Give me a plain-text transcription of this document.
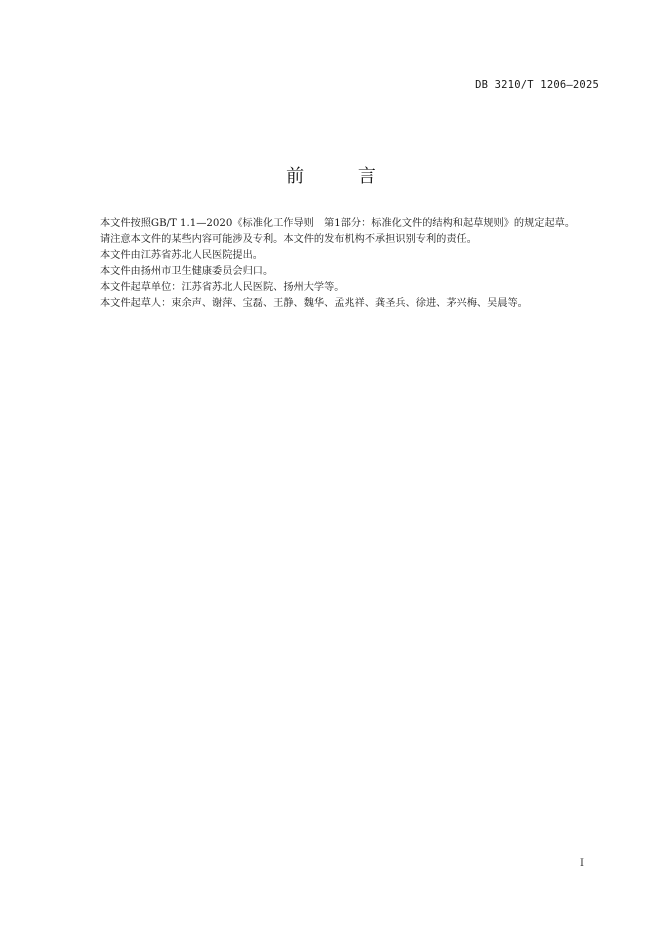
DB 3210/T 1206—2025
前 言

本文件按照GB/T 1.1—2020《标准化工作导则　第1部分：标准化文件的结构和起草规则》的规定起草。

请注意本文件的某些内容可能涉及专利。本文件的发布机构不承担识别专利的责任。

本文件由江苏省苏北人民医院提出。

本文件由扬州市卫生健康委员会归口。

本文件起草单位：江苏省苏北人民医院、扬州大学等。

本文件起草人：束余声、谢萍、宝磊、王静、魏华、孟兆祥、龚圣兵、徐进、茅兴梅、吴晨等。

I
